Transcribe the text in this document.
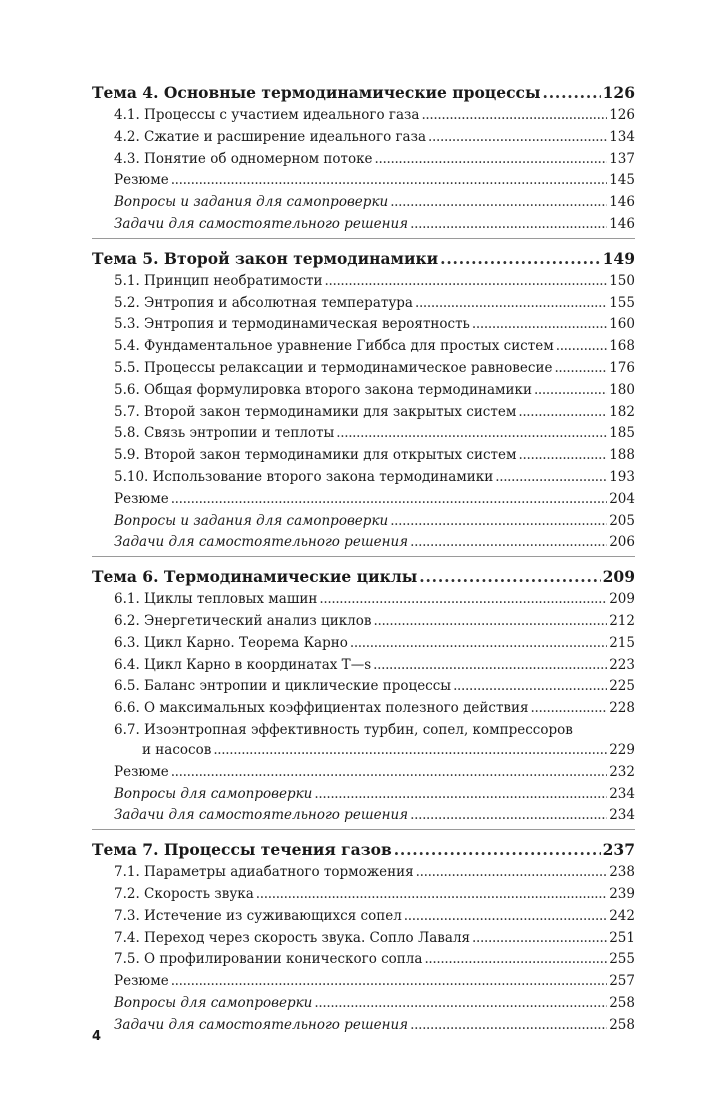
Тема 4. Основные термодинамические процессы . . .	126
4.1. Процессы с участием идеального газа . . .	126
4.2. Сжатие и расширение идеального газа . . .	134
4.3. Понятие об одномерном потоке . . .	137
Резюме . . .	145
Вопросы и задания для самопроверки . . .	146
Задачи для самостоятельного решения . . .	146
Тема 5. Второй закон термодинамики . . .	149
5.1. Принцип необратимости . . .	150
5.2. Энтропия и абсолютная температура . . .	155
5.3. Энтропия и термодинамическая вероятность . . .	160
5.4. Фундаментальное уравнение Гиббса для простых систем . . .	168
5.5. Процессы релаксации и термодинамическое равновесие . . .	176
5.6. Общая формулировка второго закона термодинамики . . .	180
5.7. Второй закон термодинамики для закрытых систем . . .	182
5.8. Связь энтропии и теплоты . . .	185
5.9. Второй закон термодинамики для открытых систем . . .	188
5.10. Использование второго закона термодинамики . . .	193
Резюме . . .	204
Вопросы и задания для самопроверки . . .	205
Задачи для самостоятельного решения . . .	206
Тема 6. Термодинамические циклы . . .	209
6.1. Циклы тепловых машин . . .	209
6.2. Энергетический анализ циклов . . .	212
6.3. Цикл Карно. Теорема Карно . . .	215
6.4. Цикл Карно в координатах T—s . . .	223
6.5. Баланс энтропии и циклические процессы . . .	225
6.6. О максимальных коэффициентах полезного действия . . .	228
6.7. Изоэнтропная эффективность турбин, сопел, компрессоров
и насосов . . .	229
Резюме . . .	232
Вопросы для самопроверки . . .	234
Задачи для самостоятельного решения . . .	234
Тема 7. Процессы течения газов . . .	237
7.1. Параметры адиабатного торможения . . .	238
7.2. Скорость звука . . .	239
7.3. Истечение из суживающихся сопел . . .	242
7.4. Переход через скорость звука. Сопло Лаваля . . .	251
7.5. О профилировании конического сопла . . .	255
Резюме . . .	257
Вопросы для самопроверки . . .	258
Задачи для самостоятельного решения . . .	258
4
